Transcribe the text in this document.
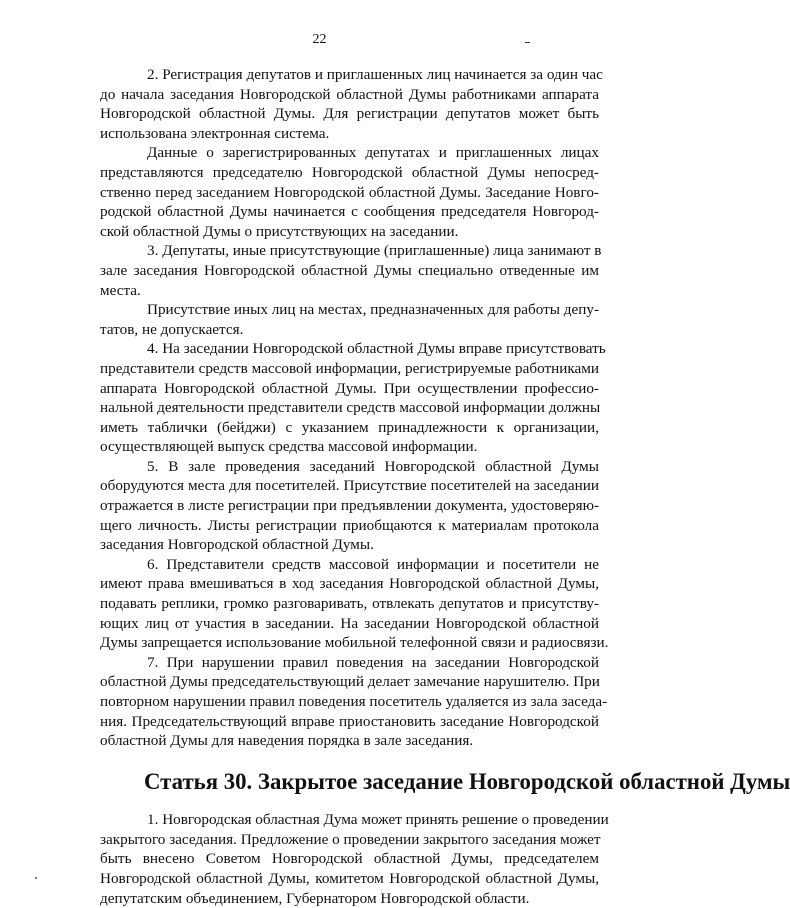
22

2. Регистрация депутатов и приглашенных лиц начинается за один час
до начала заседания Новгородской областной Думы работниками аппарата
Новгородской областной Думы. Для регистрации депутатов может быть
использована электронная система.

Данные о зарегистрированных депутатах и приглашенных лицах
представляются председателю Новгородской областной Думы непосред-
ственно перед заседанием Новгородской областной Думы. Заседание Новго-
родской областной Думы начинается с сообщения председателя Новгород-
ской областной Думы о присутствующих на заседании.

3. Депутаты, иные присутствующие (приглашенные) лица занимают в
зале заседания Новгородской областной Думы специально отведенные им
места.

Присутствие иных лиц на местах, предназначенных для работы депу-
татов, не допускается.

4. На заседании Новгородской областной Думы вправе присутствовать
представители средств массовой информации, регистрируемые работниками
аппарата Новгородской областной Думы. При осуществлении профессио-
нальной деятельности представители средств массовой информации должны
иметь таблички (бейджи) с указанием принадлежности к организации,
осуществляющей выпуск средства массовой информации.

5. В зале проведения заседаний Новгородской областной Думы
оборудуются места для посетителей. Присутствие посетителей на заседании
отражается в листе регистрации при предъявлении документа, удостоверяю-
щего личность. Листы регистрации приобщаются к материалам протокола
заседания Новгородской областной Думы.

6. Представители средств массовой информации и посетители не
имеют права вмешиваться в ход заседания Новгородской областной Думы,
подавать реплики, громко разговаривать, отвлекать депутатов и присутству-
ющих лиц от участия в заседании. На заседании Новгородской областной
Думы запрещается использование мобильной телефонной связи и радиосвязи.

7. При нарушении правил поведения на заседании Новгородской
областной Думы председательствующий делает замечание нарушителю. При
повторном нарушении правил поведения посетитель удаляется из зала заседа-
ния. Председательствующий вправе приостановить заседание Новгородской
областной Думы для наведения порядка в зале заседания.

Статья 30. Закрытое заседание Новгородской областной Думы

1. Новгородская областная Дума может принять решение о проведении
закрытого заседания. Предложение о проведении закрытого заседания может
быть внесено Советом Новгородской областной Думы, председателем
Новгородской областной Думы, комитетом Новгородской областной Думы,
депутатским объединением, Губернатором Новгородской области.
